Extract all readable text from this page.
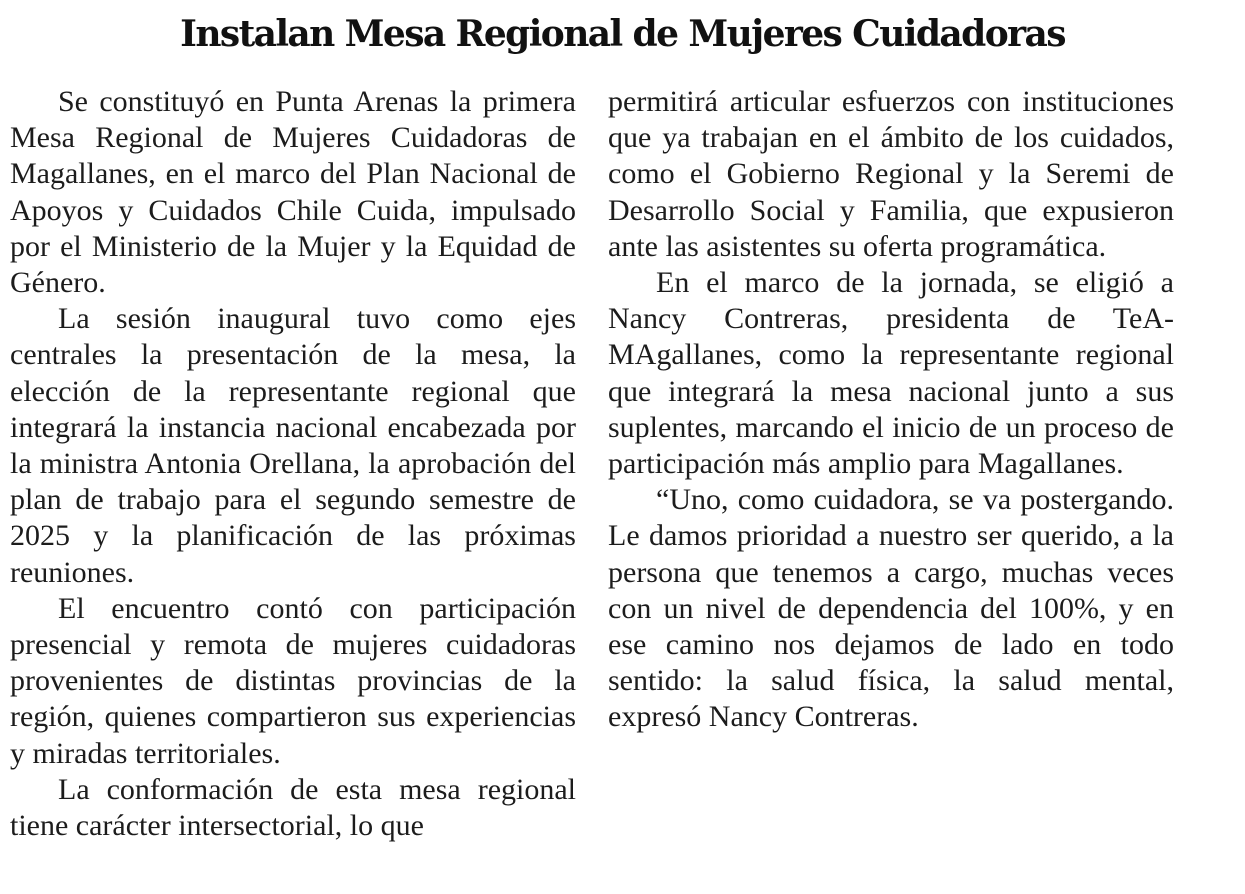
Instalan Mesa Regional de Mujeres Cuidadoras

Se constituyó en Punta Arenas la primera Mesa Regional de Mujeres Cuidadoras de Magallanes, en el marco del Plan Nacional de Apoyos y Cuidados Chile Cuida, impulsado por el Ministerio de la Mujer y la Equidad de Género.

La sesión inaugural tuvo como ejes centrales la presentación de la mesa, la elección de la representante regional que integrará la instancia nacional encabezada por la ministra Antonia Orellana, la aprobación del plan de trabajo para el segundo semestre de 2025 y la planificación de las próximas reuniones.

El encuentro contó con participación presencial y remota de mujeres cuidadoras provenientes de distintas provincias de la región, quienes compartieron sus experiencias y miradas territoriales.

La conformación de esta mesa regional tiene carácter intersectorial, lo que

permitirá articular esfuerzos con instituciones que ya trabajan en el ámbito de los cuidados, como el Gobierno Regional y la Seremi de Desarrollo Social y Familia, que expusieron ante las asistentes su oferta programática.

En el marco de la jornada, se eligió a Nancy Contreras, presidenta de TeA-MAgallanes, como la representante regional que integrará la mesa nacional junto a sus suplentes, marcando el inicio de un proceso de participación más amplio para Magallanes.

“Uno, como cuidadora, se va postergando. Le damos prioridad a nuestro ser querido, a la persona que tenemos a cargo, muchas veces con un nivel de dependencia del 100%, y en ese camino nos dejamos de lado en todo sentido: la salud física, la salud mental, expresó Nancy Contreras.
